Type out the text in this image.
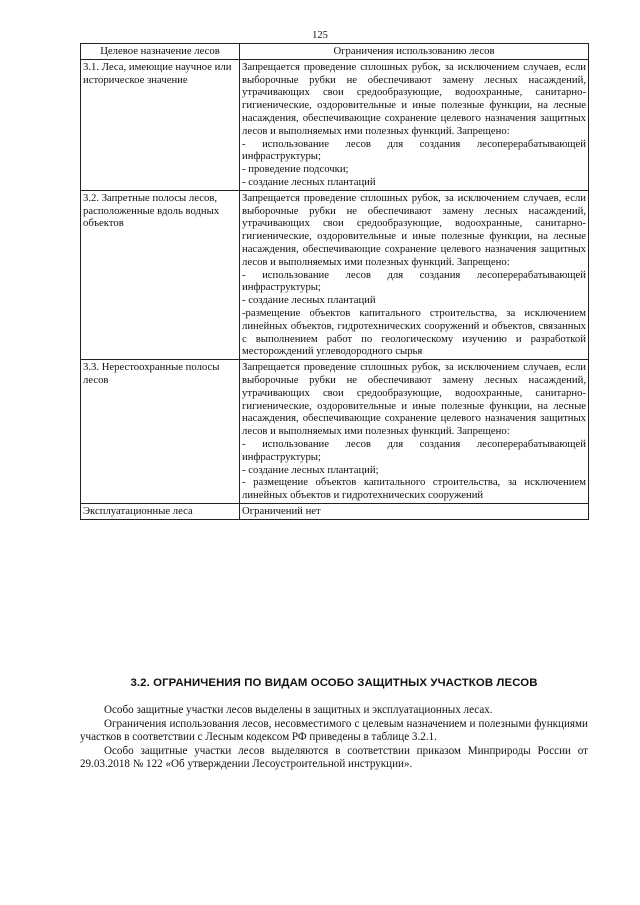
125
Целевое назначение лесов	Ограничения использованию лесов
3.1. Леса, имеющие научное или историческое значение	Запрещается проведение сплошных рубок, за исключением случаев, если выборочные рубки не обеспечивают замену лесных насаждений, утрачивающих свои средообразующие, водоохранные, санитарно-гигиенические, оздоровительные и иные полезные функции, на лесные насаждения, обеспечивающие сохранение целевого назначения защитных лесов и выполняемых ими полезных функций. Запрещено:
- использование лесов для создания лесоперерабатывающей инфраструктуры;
- проведение подсочки;
- создание лесных плантаций

3.2. Запретные полосы лесов, расположенные вдоль водных объектов	Запрещается проведение сплошных рубок, за исключением случаев, если выборочные рубки не обеспечивают замену лесных насаждений, утрачивающих свои средообразующие, водоохранные, санитарно-гигиенические, оздоровительные и иные полезные функции, на лесные насаждения, обеспечивающие сохранение целевого назначения защитных лесов и выполняемых ими полезных функций. Запрещено:
- использование лесов для создания лесоперерабатывающей инфраструктуры;
- создание лесных плантаций
-размещение объектов капитального строительства, за исключением линейных объектов, гидротехнических сооружений и объектов, связанных с выполнением работ по геологическому изучению и разработкой месторождений углеводородного сырья

3.3. Нерестоохранные полосы лесов	Запрещается проведение сплошных рубок, за исключением случаев, если выборочные рубки не обеспечивают замену лесных насаждений, утрачивающих свои средообразующие, водоохранные, санитарно-гигиенические, оздоровительные и иные полезные функции, на лесные насаждения, обеспечивающие сохранение целевого назначения защитных лесов и выполняемых ими полезных функций. Запрещено:
- использование лесов для создания лесоперерабатывающей инфраструктуры;
- создание лесных плантаций;
- размещение объектов капитального строительства, за исключением линейных объектов и гидротехнических сооружений

Эксплуатационные леса	Ограничений нет
3.2. ОГРАНИЧЕНИЯ ПО ВИДАМ ОСОБО ЗАЩИТНЫХ УЧАСТКОВ ЛЕСОВ

Особо защитные участки лесов выделены в защитных и эксплуатационных лесах.

Ограничения использования лесов, несовместимого с целевым назначением и полезными функциями участков в соответствии с Лесным кодексом РФ приведены в таблице 3.2.1.

Особо защитные участки лесов выделяются в соответствии приказом Минприроды России от 29.03.2018 № 122 «Об утверждении Лесоустроительной инструкции».
